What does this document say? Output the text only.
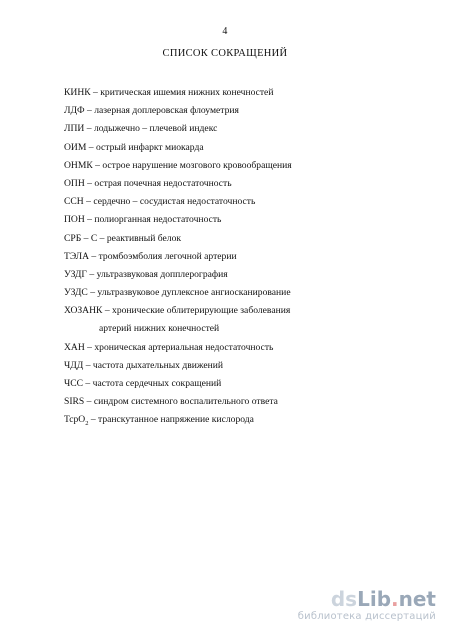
4
СПИСОК СОКРАЩЕНИЙ
КИНК – критическая ишемия нижних конечностей
ЛДФ – лазерная доплеровская флоуметрия
ЛПИ – лодыжечно – плечевой индекс
ОИМ – острый инфаркт миокарда
ОНМК – острое нарушение мозгового кровообращения
ОПН – острая почечная недостаточность
ССН – сердечно – сосудистая недостаточность
ПОН – полиорганная недостаточность
СРБ – С – реактивный белок
ТЭЛА – тромбоэмболия легочной артерии
УЗДГ – ультразвуковая допплерография
УЗДС – ультразвуковое дуплексное ангиосканирование
ХОЗАНК – хронические облитерирующие заболевания
артерий нижних конечностей
ХАН – хроническая артериальная недостаточность
ЧДД – частота дыхательных движений
ЧСС – частота сердечных сокращений
SIRS – синдром системного воспалительного ответа
TcpO$_2$ – транскутанное напряжение кислорода
ds Lib . net
библиотека диссертаций
